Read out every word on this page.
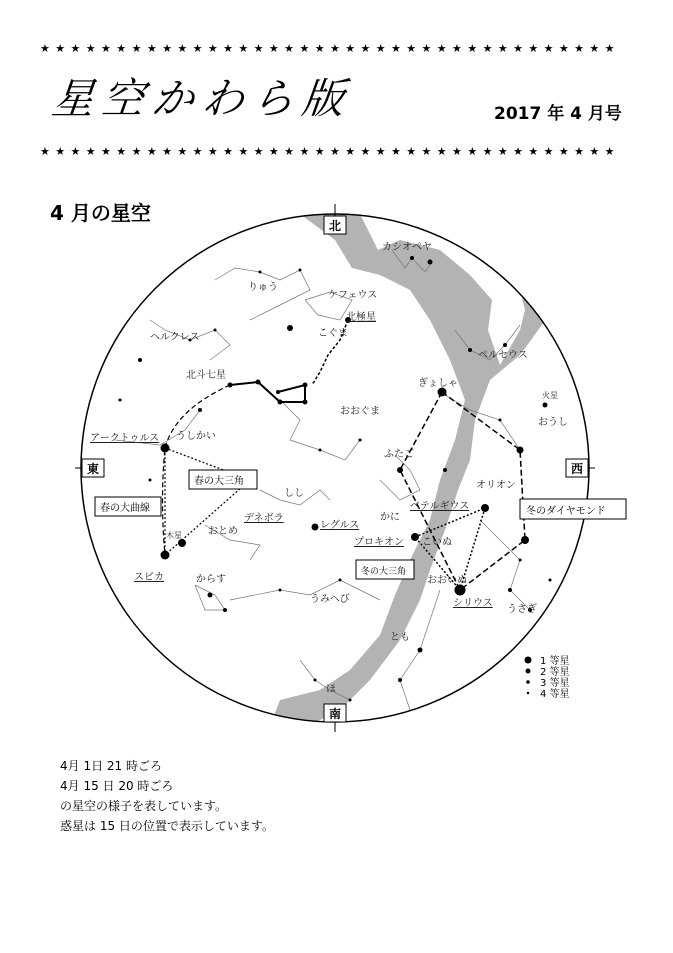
★★★★★★★★★★★★★★★★★★★★★★★★★★★★★★★★★★★★★★
星空かわら版	2017 年 4 月号
★★★★★★★★★★★★★★★★★★★★★★★★★★★★★★★★★★★★★★
4 月の星空
北
南
東	西
カシオペヤ
りゅう
ケフェウス
北極星
こぐま
ヘルクレス
ペルセウス
北斗七星
ぎょしゃ
火星
おうし
おおぐま
アークトゥルス うしかい
ふたご
オリオン
しし
かに
ベテルギウス
デネボラ
レグルス
おとめ
木星
プロキオン こいぬ
スピカ	からす	おおいぬ
シリウス
うさぎ
うみへび
とも
ほ
春の大三角
春の大曲線	冬のダイヤモンド
冬の大三角
1 等星
2 等星
3 等星
4 等星
4月 1日 21 時ごろ
4月 15 日 20 時ごろ
の星空の様子を表しています。
惑星は 15 日の位置で表示しています。
